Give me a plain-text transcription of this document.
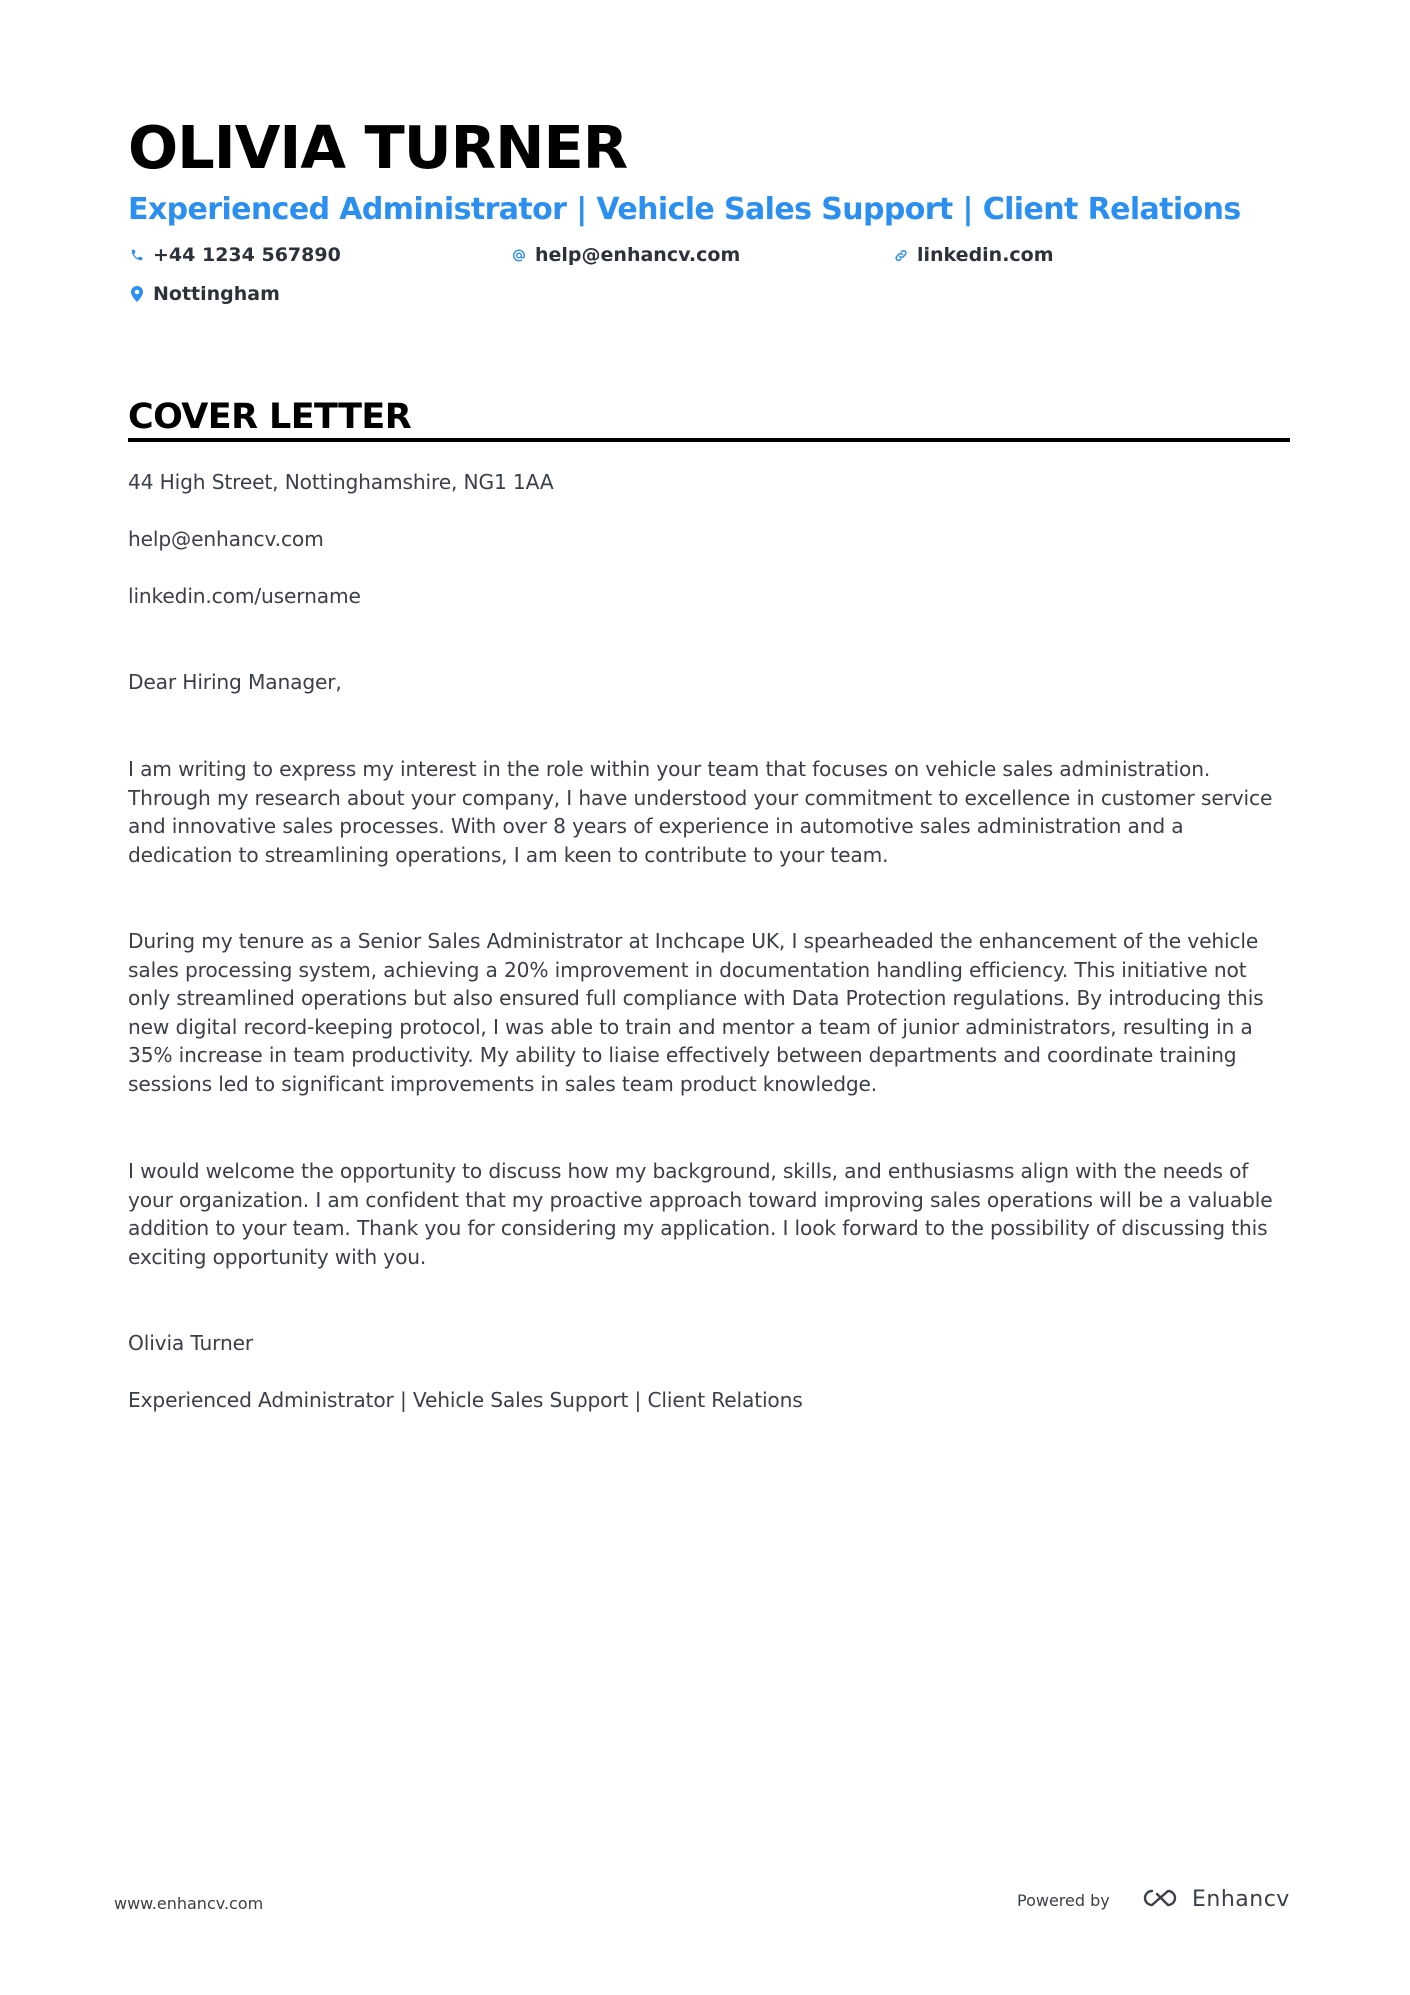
OLIVIA TURNER
Experienced Administrator | Vehicle Sales Support | Client Relations
+44 1234 567890	help@enhancv.com	linkedin.com
Nottingham
COVER LETTER
44 High Street, Nottinghamshire, NG1 1AA
help@enhancv.com
linkedin.com/username
Dear Hiring Manager,
I am writing to express my interest in the role within your team that focuses on vehicle sales administration. Through my research about your company, I have understood your commitment to excellence in customer service and innovative sales processes. With over 8 years of experience in automotive sales administration and a dedication to streamlining operations, I am keen to contribute to your team.
During my tenure as a Senior Sales Administrator at Inchcape UK, I spearheaded the enhancement of the vehicle sales processing system, achieving a 20% improvement in documentation handling efficiency. This initiative not only streamlined operations but also ensured full compliance with Data Protection regulations. By introducing this new digital record-keeping protocol, I was able to train and mentor a team of junior administrators, resulting in a 35% increase in team productivity. My ability to liaise effectively between departments and coordinate training sessions led to significant improvements in sales team product knowledge.
I would welcome the opportunity to discuss how my background, skills, and enthusiasms align with the needs of your organization. I am confident that my proactive approach toward improving sales operations will be a valuable addition to your team. Thank you for considering my application. I look forward to the possibility of discussing this exciting opportunity with you.
Olivia Turner
Experienced Administrator | Vehicle Sales Support | Client Relations
www.enhancv.com	Powered by	Enhancv
